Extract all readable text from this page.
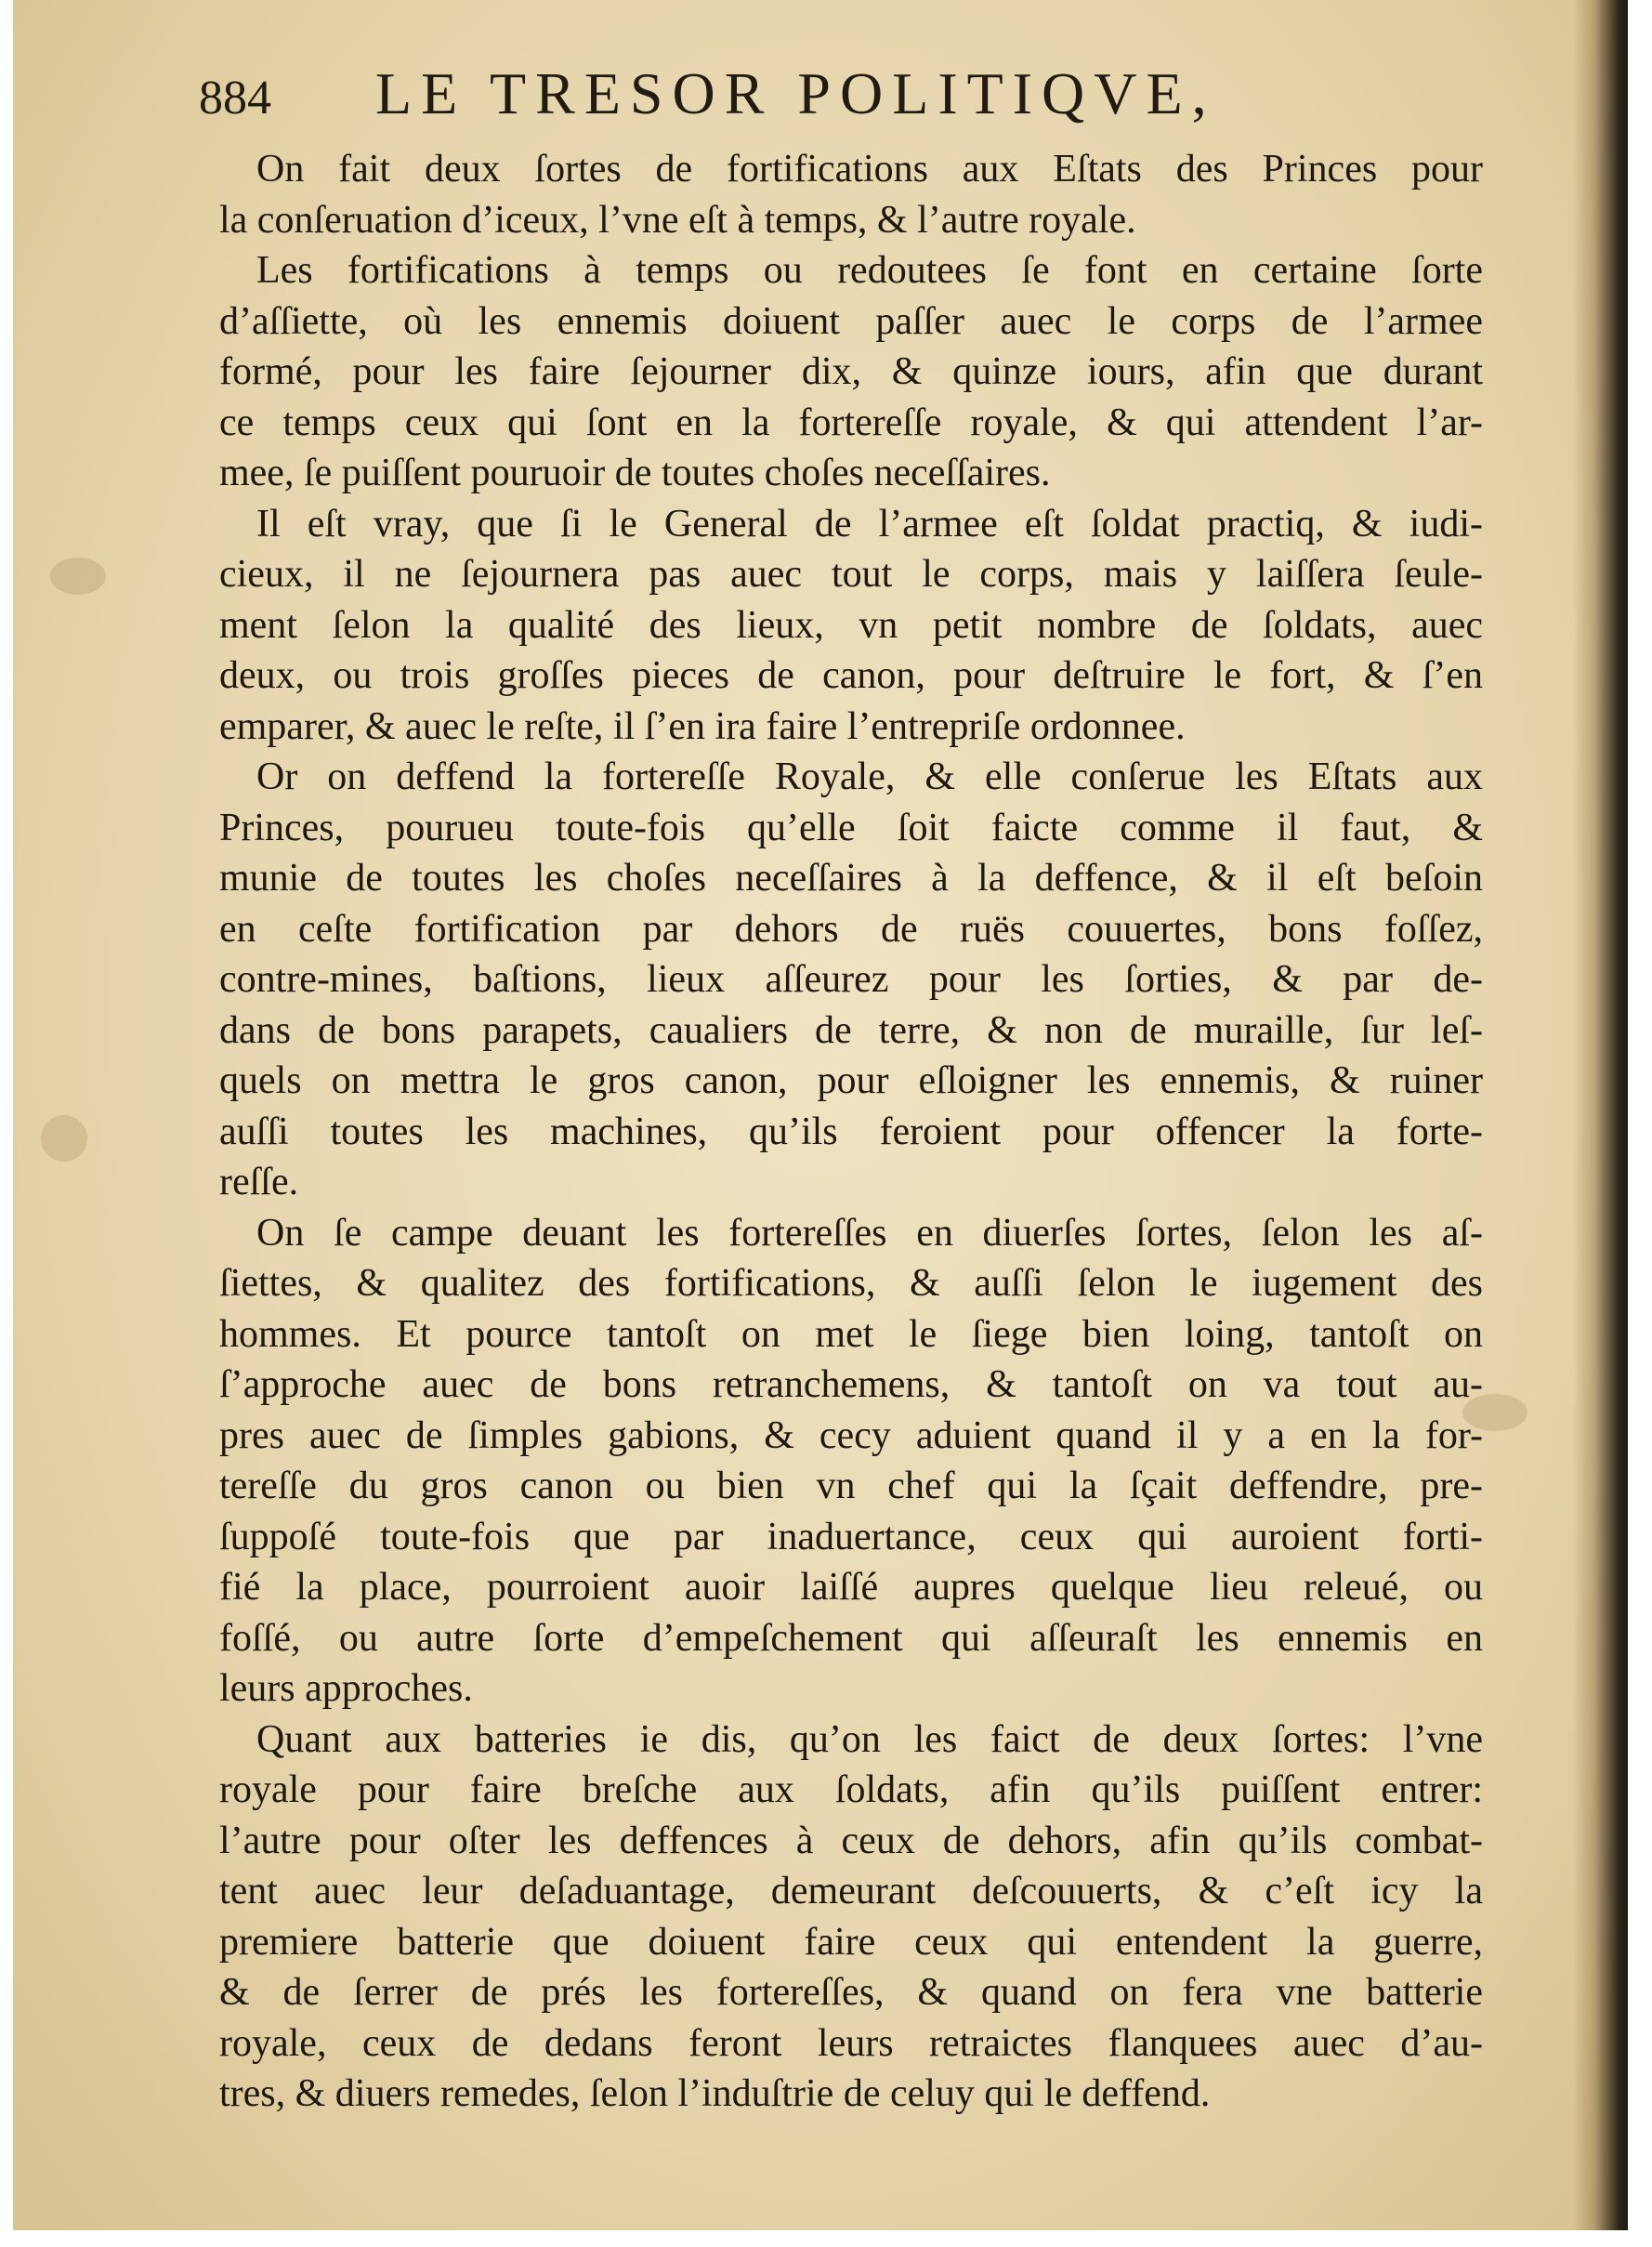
884 LE TRESOR POLITIQVE,
On fait deux ſortes de fortifications aux Eſtats des Princes pour
la conſeruation d’iceux, l’vne eſt à temps, & l’autre royale.
Les fortifications à temps ou redoutees ſe font en certaine ſorte
d’aſſiette, où les ennemis doiuent paſſer auec le corps de l’armee
formé, pour les faire ſejourner dix, & quinze iours, afin que durant
ce temps ceux qui ſont en la fortereſſe royale, & qui attendent l’ar-
mee, ſe puiſſent pouruoir de toutes choſes neceſſaires.
Il eſt vray, que ſi le General de l’armee eſt ſoldat practiq, & iudi-
cieux, il ne ſejournera pas auec tout le corps, mais y laiſſera ſeule-
ment ſelon la qualité des lieux, vn petit nombre de ſoldats, auec
deux, ou trois groſſes pieces de canon, pour deſtruire le fort, & ſ’en
emparer, & auec le reſte, il ſ’en ira faire l’entrepriſe ordonnee.
Or on deffend la fortereſſe Royale, & elle conſerue les Eſtats aux
Princes, pourueu toute-fois qu’elle ſoit faicte comme il faut, &
munie de toutes les choſes neceſſaires à la deffence, & il eſt beſoin
en ceſte fortification par dehors de ruës couuertes, bons foſſez,
contre-mines, baſtions, lieux aſſeurez pour les ſorties, & par de-
dans de bons parapets, caualiers de terre, & non de muraille, ſur leſ-
quels on mettra le gros canon, pour eſloigner les ennemis, & ruiner
auſſi toutes les machines, qu’ils feroient pour offencer la forte-
reſſe.
On ſe campe deuant les fortereſſes en diuerſes ſortes, ſelon les aſ-
ſiettes, & qualitez des fortifications, & auſſi ſelon le iugement des
hommes. Et pource tantoſt on met le ſiege bien loing, tantoſt on
ſ’approche auec de bons retranchemens, & tantoſt on va tout au-
pres auec de ſimples gabions, & cecy aduient quand il y a en la for-
tereſſe du gros canon ou bien vn chef qui la ſçait deffendre, pre-
ſuppoſé toute-fois que par inaduertance, ceux qui auroient forti-
fié la place, pourroient auoir laiſſé aupres quelque lieu releué, ou
foſſé, ou autre ſorte d’empeſchement qui aſſeuraſt les ennemis en
leurs approches.
Quant aux batteries ie dis, qu’on les faict de deux ſortes: l’vne
royale pour faire breſche aux ſoldats, afin qu’ils puiſſent entrer:
l’autre pour oſter les deffences à ceux de dehors, afin qu’ils combat-
tent auec leur deſaduantage, demeurant deſcouuerts, & c’eſt icy la
premiere batterie que doiuent faire ceux qui entendent la guerre,
& de ſerrer de prés les fortereſſes, & quand on fera vne batterie
royale, ceux de dedans feront leurs retraictes flanquees auec d’au-
tres, & diuers remedes, ſelon l’induſtrie de celuy qui le deffend.
